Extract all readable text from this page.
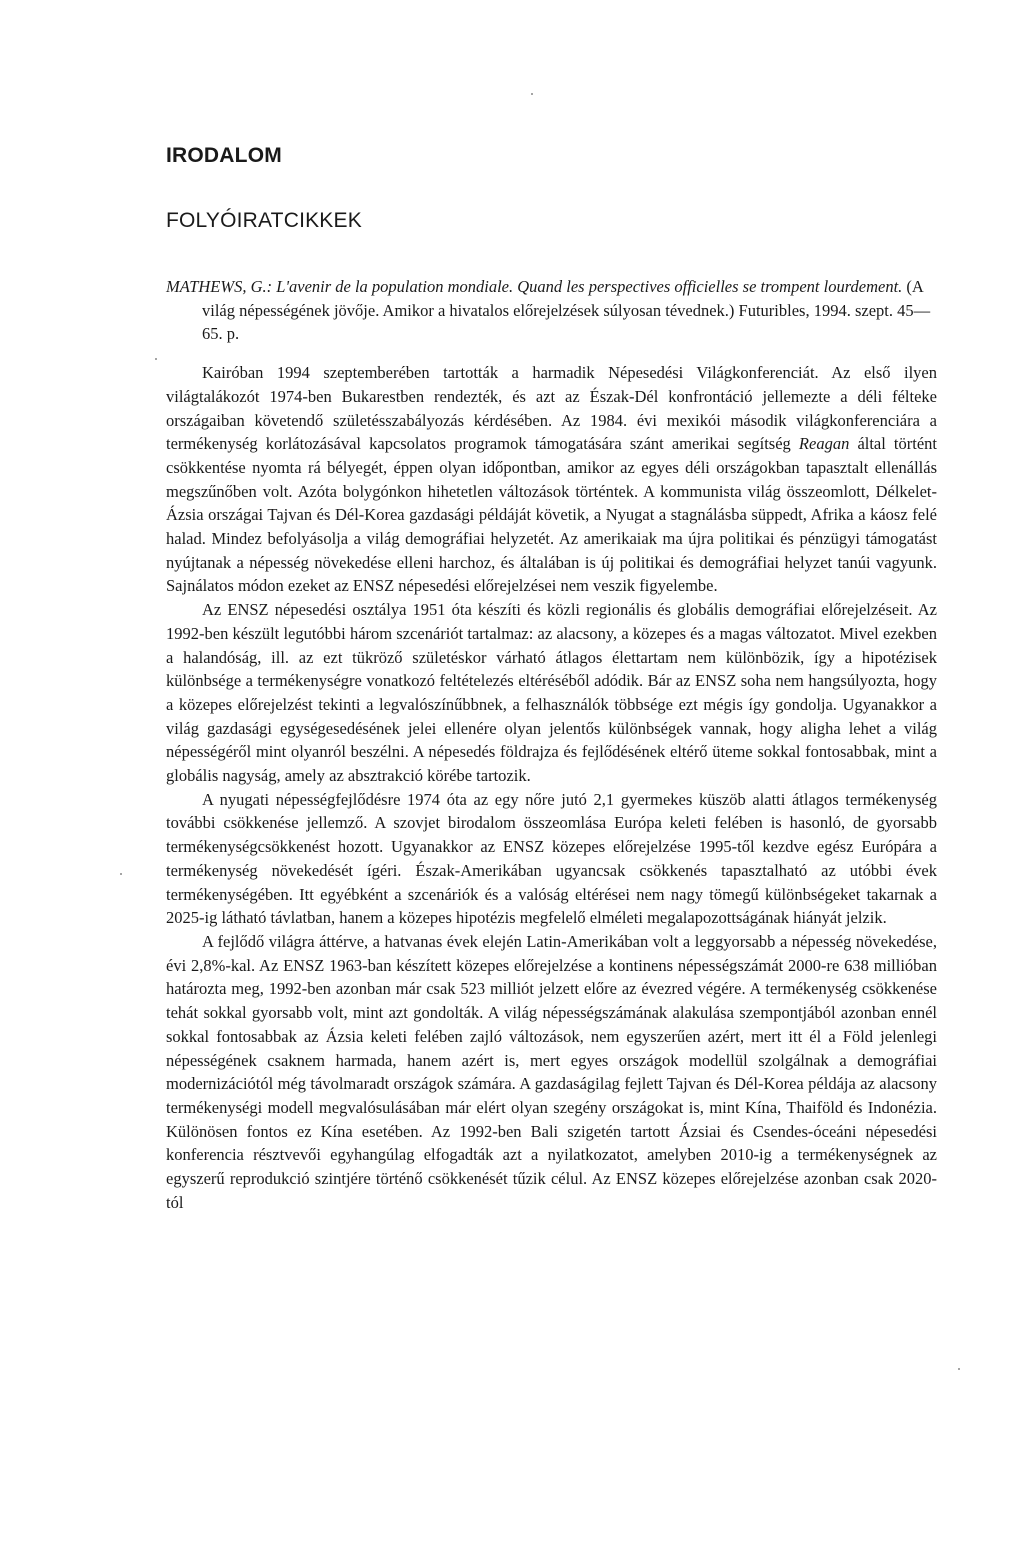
IRODALOM
FOLYÓIRATCIKKEK

MATHEWS, G.: L'avenir de la population mondiale. Quand les perspectives officielles se trompent lourdement. (A világ népességének jövője. Amikor a hivatalos előrejelzések súlyosan tévednek.) Futuribles, 1994. szept. 45—65. p.

Kairóban 1994 szeptemberében tartották a harmadik Népesedési Világkonferenciát. Az első ilyen világtalákozót 1974-ben Bukarestben rendezték, és azt az Észak-Dél konfrontáció jellemezte a déli félteke országaiban követendő születésszabályozás kérdésében. Az 1984. évi mexikói második világkonferenciára a termékenység korlátozásával kapcsolatos programok támogatására szánt amerikai segítség Reagan által történt csökkentése nyomta rá bélyegét, éppen olyan időpontban, amikor az egyes déli országokban tapasztalt ellenállás megszűnőben volt. Azóta bolygónkon hihetetlen változások történtek. A kommunista világ összeomlott, Délkelet-Ázsia országai Tajvan és Dél-Korea gazdasági példáját követik, a Nyugat a stagnálásba süppedt, Afrika a káosz felé halad. Mindez befolyásolja a világ demográfiai helyzetét. Az amerikaiak ma újra politikai és pénzügyi támogatást nyújtanak a népesség növekedése elleni harchoz, és általában is új politikai és demográfiai helyzet tanúi vagyunk. Sajnálatos módon ezeket az ENSZ népesedési előrejelzései nem veszik figyelembe.

Az ENSZ népesedési osztálya 1951 óta készíti és közli regionális és globális demográfiai előrejelzéseit. Az 1992-ben készült legutóbbi három szcenáriót tartalmaz: az alacsony, a közepes és a magas változatot. Mivel ezekben a halandóság, ill. az ezt tükröző születéskor várható átlagos élettartam nem különbözik, így a hipotézisek különbsége a termékenységre vonatkozó feltételezés eltéréséből adódik. Bár az ENSZ soha nem hangsúlyozta, hogy a közepes előrejelzést tekinti a legvalószínűbbnek, a felhasználók többsége ezt mégis így gondolja. Ugyanakkor a világ gazdasági egységesedésének jelei ellenére olyan jelentős különbségek vannak, hogy aligha lehet a világ népességéről mint olyanról beszélni. A népesedés földrajza és fejlődésének eltérő üteme sokkal fontosabbak, mint a globális nagyság, amely az absztrakció körébe tartozik.

A nyugati népességfejlődésre 1974 óta az egy nőre jutó 2,1 gyermekes küszöb alatti átlagos termékenység további csökkenése jellemző. A szovjet birodalom összeomlása Európa keleti felében is hasonló, de gyorsabb termékenységcsökkenést hozott. Ugyanakkor az ENSZ közepes előrejelzése 1995-től kezdve egész Európára a termékenység növekedését ígéri. Észak-Amerikában ugyancsak csökkenés tapasztalható az utóbbi évek termékenységében. Itt egyébként a szcenáriók és a valóság eltérései nem nagy tömegű különbségeket takarnak a 2025-ig látható távlatban, hanem a közepes hipotézis megfelelő elméleti megalapozottságának hiányát jelzik.

A fejlődő világra áttérve, a hatvanas évek elején Latin-Amerikában volt a leggyorsabb a népesség növekedése, évi 2,8%-kal. Az ENSZ 1963-ban készített közepes előrejelzése a kontinens népességszámát 2000-re 638 millióban határozta meg, 1992-ben azonban már csak 523 milliót jelzett előre az évezred végére. A termékenység csökkenése tehát sokkal gyorsabb volt, mint azt gondolták. A világ népességszámának alakulása szempontjából azonban ennél sokkal fontosabbak az Ázsia keleti felében zajló változások, nem egyszerűen azért, mert itt él a Föld jelenlegi népességének csaknem harmada, hanem azért is, mert egyes országok modellül szolgálnak a demográfiai modernizációtól még távolmaradt országok számára. A gazdaságilag fejlett Tajvan és Dél-Korea példája az alacsony termékenységi modell megvalósulásában már elért olyan szegény országokat is, mint Kína, Thaiföld és Indonézia. Különösen fontos ez Kína esetében. Az 1992-ben Bali szigetén tartott Ázsiai és Csendes-óceáni népesedési konferencia résztvevői egyhangúlag elfogadták azt a nyilatkozatot, amelyben 2010-ig a termékenységnek az egyszerű reprodukció szintjére történő csökkenését tűzik célul. Az ENSZ közepes előrejelzése azonban csak 2020-tól
